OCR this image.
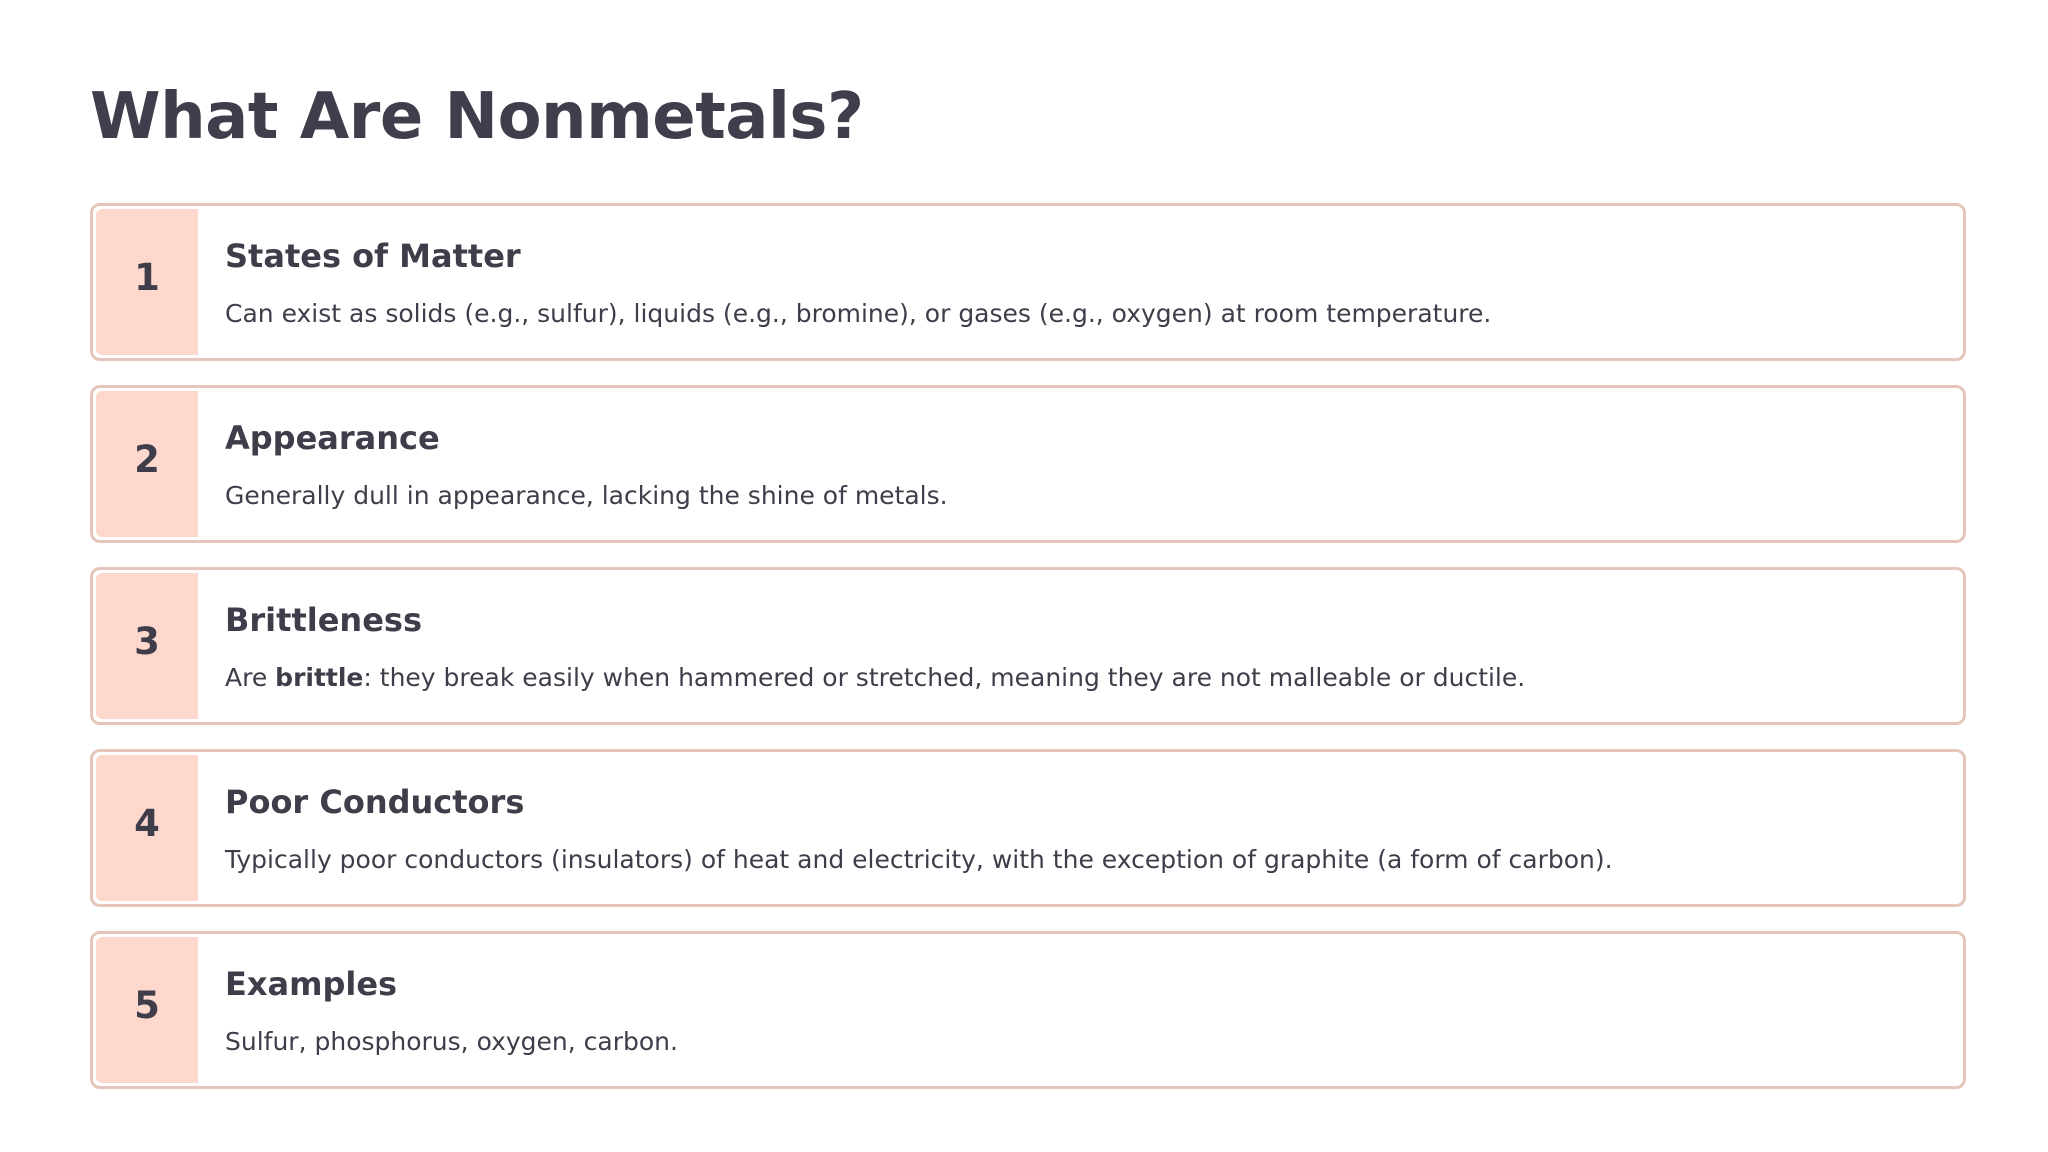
What Are Nonmetals?
1 States of Matter

Can exist as solids (e.g., sulfur), liquids (e.g., bromine), or gases (e.g., oxygen) at room temperature.

2 Appearance

Generally dull in appearance, lacking the shine of metals.

3 Brittleness

Are brittle: they break easily when hammered or stretched, meaning they are not malleable or ductile.

4 Poor Conductors

Typically poor conductors (insulators) of heat and electricity, with the exception of graphite (a form of carbon).

5 Examples

Sulfur, phosphorus, oxygen, carbon.
